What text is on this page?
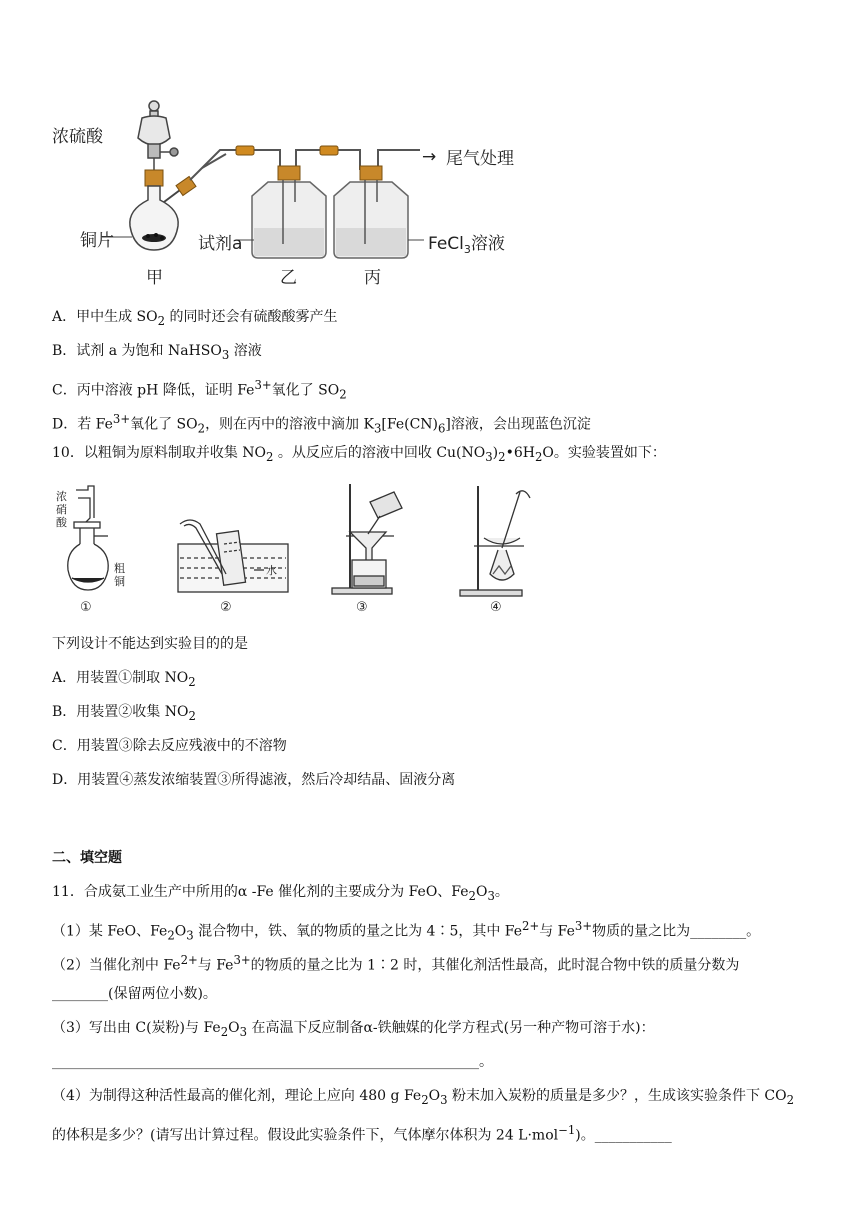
浓硫酸
铜片	试剂a	FeCl$_3$溶液
→ 尾气处理
甲	乙	丙
A．甲中生成 $SO_2$ 的同时还会有硫酸酸雾产生
B．试剂 a 为饱和 NaHSO$_3$ 溶液
C．丙中溶液 pH 降低，证明 $Fe^{3+}$氧化了 $SO_2$
D．若 $Fe^{3+}$氧化了 $SO_2$，则在丙中的溶液中滴加 $K_3[Fe(CN)_6]$溶液，会出现蓝色沉淀
10．以粗铜为原料制取并收集 $NO_2$ 。从反应后的溶液中回收 $Cu(NO_3)_2•6H_2O$。实验装置如下：
浓
硝
酸
粗
铜
①
水
②	③	④
下列设计不能达到实验目的的是
A．用装置①制取 $NO_2$
B．用装置②收集 $NO_2$
C．用装置③除去反应残液中的不溶物
D．用装置④蒸发浓缩装置③所得滤液，然后冷却结晶、固液分离
二、填空题
11．合成氨工业生产中所用的α -Fe 催化剂的主要成分为 FeO、$Fe_2O_3$。
（1）某 FeO、$Fe_2O_3$ 混合物中，铁、氧的物质的量之比为 4∶5，其中 $Fe^{2+}$与 $Fe^{3+}$物质的量之比为________。
（2）当催化剂中 $Fe^{2+}$与 $Fe^{3+}$的物质的量之比为 1∶2 时，其催化剂活性最高，此时混合物中铁的质量分数为
________(保留两位小数)。
（3）写出由 C(炭粉)与 $Fe_2O_3$ 在高温下反应制备α-铁触媒的化学方程式(另一种产物可溶于水)：
_____________________________________________________________。
（4）为制得这种活性最高的催化剂，理论上应向 480 g $Fe_2O_3$ 粉末加入炭粉的质量是多少？，生成该实验条件下 $CO_2$
的体积是多少？(请写出计算过程。假设此实验条件下，气体摩尔体积为 24 L·mol$^{-1}$)。___________
